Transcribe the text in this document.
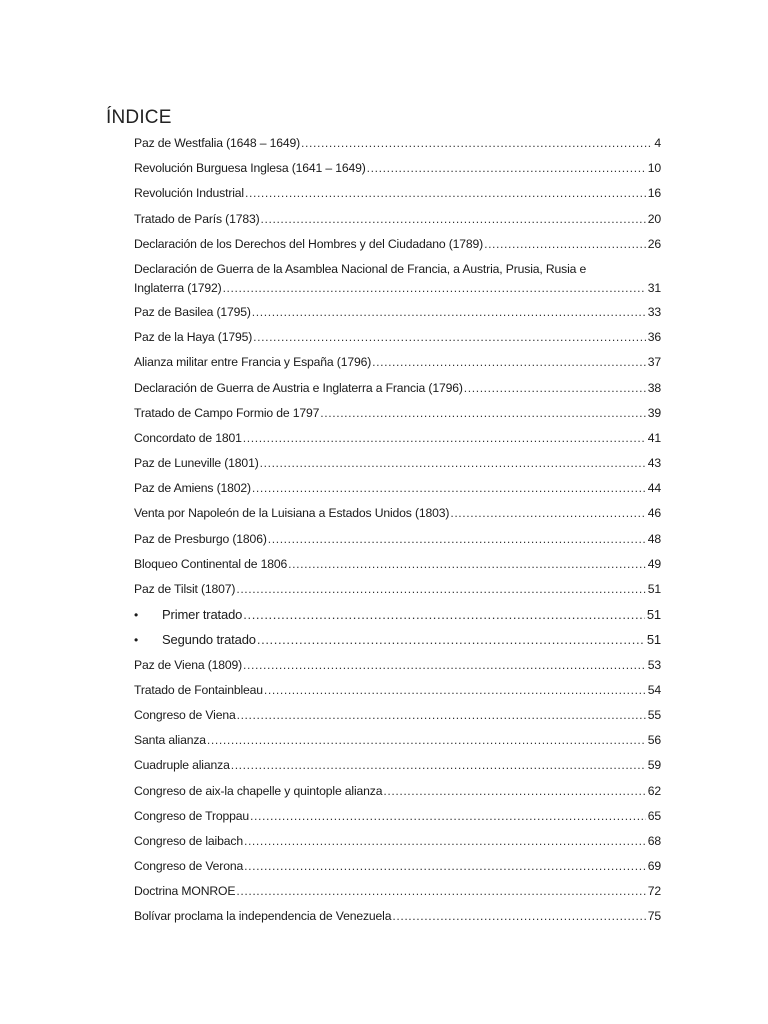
ÍNDICE
Paz de Westfalia (1648 – 1649) .....	4
Revolución Burguesa Inglesa (1641 – 1649) .....	10
Revolución Industrial .....	16
Tratado de París (1783) .....	20
Declaración de los Derechos del Hombres y del Ciudadano (1789) .....	26
Declaración de Guerra de la Asamblea Nacional de Francia, a Austria, Prusia, Rusia e
Inglaterra (1792) .....	31
Paz de Basilea (1795) .....	33
Paz de la Haya (1795) .....	36
Alianza militar entre Francia y España (1796) .....	37
Declaración de Guerra de Austria e Inglaterra a Francia (1796) .....	38
Tratado de Campo Formio de 1797 .....	39
Concordato de 1801 .....	41
Paz de Luneville (1801) .....	43
Paz de Amiens (1802) .....	44
Venta por Napoleón de la Luisiana a Estados Unidos (1803) .....	46
Paz de Presburgo (1806) .....	48
Bloqueo Continental de 1806 .....	49
Paz de Tilsit (1807) .....	51
•	Primer tratado .....	51
•	Segundo tratado .....	51
Paz de Viena (1809) .....	53
Tratado de Fontainbleau .....	54
Congreso de Viena .....	55
Santa alianza .....	56
Cuadruple alianza .....	59
Congreso de aix-la chapelle y quintople alianza .....	62
Congreso de Troppau .....	65
Congreso de laibach .....	68
Congreso de Verona .....	69
Doctrina MONROE .....	72
Bolívar proclama la independencia de Venezuela .....	75
